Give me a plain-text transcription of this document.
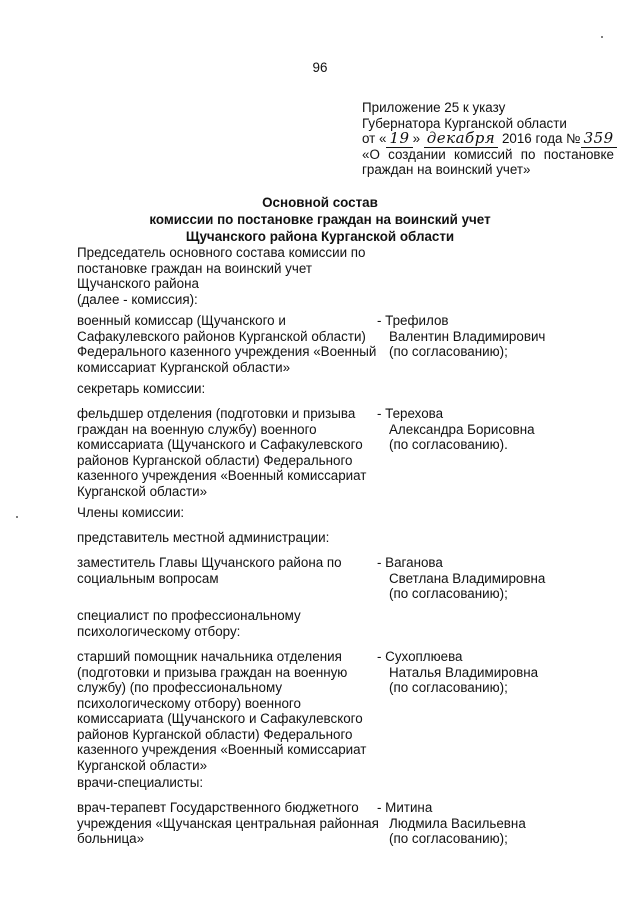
96
Приложение 25 к указу
Губернатора Курганской области
от « 19 » декабря 2016 года № 359
«О создании комиссий по постановке
граждан на воинский учет»
Основной состав
комиссии по постановке граждан на воинский учет
Щучанского района Курганской области
Председатель основного состава комиссии по
постановке граждан на воинский учет
Щучанского района
(далее - комиссия):
военный комиссар (Щучанского и
Сафакулевского районов Курганской области)
Федерального казенного учреждения «Военный
комиссариат Курганской области»
- Трефилов
Валентин Владимирович
(по согласованию);
секретарь комиссии:
фельдшер отделения (подготовки и призыва
граждан на военную службу) военного
комиссариата (Щучанского и Сафакулевского
районов Курганской области) Федерального
казенного учреждения «Военный комиссариат
Курганской области»
- Терехова
Александра Борисовна
(по согласованию).
Члены комиссии:
представитель местной администрации:
заместитель Главы Щучанского района по
социальным вопросам
- Ваганова
Светлана Владимировна
(по согласованию);
специалист по профессиональному
психологическому отбору:
старший помощник начальника отделения
(подготовки и призыва граждан на военную
службу) (по профессиональному
психологическому отбору) военного
комиссариата (Щучанского и Сафакулевского
районов Курганской области) Федерального
казенного учреждения «Военный комиссариат
Курганской области»
- Сухоплюева
Наталья Владимировна
(по согласованию);
врачи-специалисты:
врач-терапевт Государственного бюджетного
учреждения «Щучанская центральная районная
больница»
- Митина
Людмила Васильевна
(по согласованию);
